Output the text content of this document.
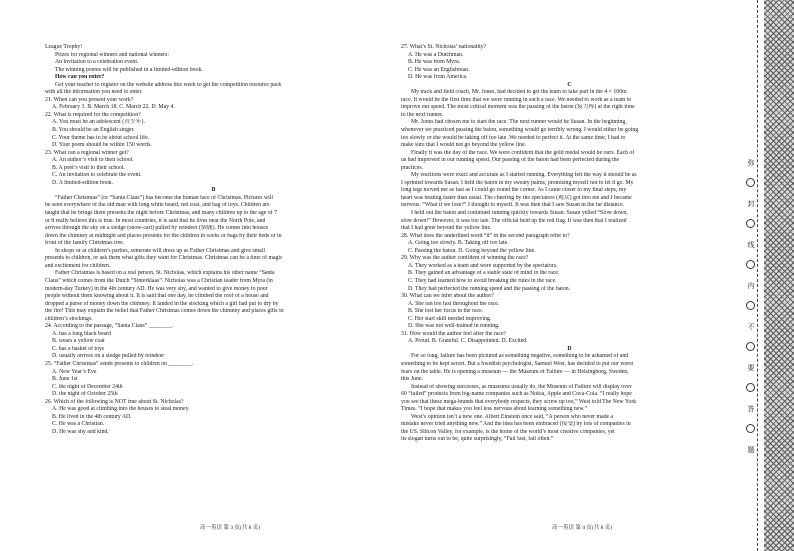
League Trophy!
Prizes for regional winners and national winners:
An invitation to a celebration event.
The winning poems will be published in a limited-edition book.
How can you enter?
Get your teacher to register on the website address this week to get the competition resource pack
with all the information you need to enter.
21. When can you present your work?
A. February 3. B. March 18. C. March 22. D. May 4.
22. What is required for the competition?
A. You must be an adolescent (青少年).
B. You should be an English singer.
C. Your theme has to be about school life.
D. Your poem should be within 150 words.
23. What can a regional winner get?
A. An author’s visit to their school.
B. A poet’s visit to their school.
C. An invitation to celebrate the event.
D. A limited-edition book.
B
“Father Christmas” (or “Santa Claus”) has become the human face of Christmas. Pictures will
be seen everywhere of the old man with long white beard, red coat, and bag of toys. Children are
taught that he brings them presents the night before Christmas, and many children up to the age of 7
or 8 really believe this is true. In most countries, it is said that he lives near the North Pole, and
arrives through the sky on a sledge (snow-cart) pulled by reindeer (驯鹿). He comes into houses
down the chimney at midnight and places presents for the children in socks or bags by their beds or in
front of the family Christmas tree.
In shops or at children’s parties, someone will dress up as Father Christmas and give small
presents to children, or ask them what gifts they want for Christmas. Christmas can be a time of magic
and excitement for children.
Father Christmas is based on a real person, St. Nicholas, which explains his other name “Santa
Claus” which comes from the Dutch “Sinterklaas”. Nicholas was a Christian leader from Myra (in
modern-day Turkey) in the 4th century AD. He was very shy, and wanted to give money to poor
people without them knowing about it. It is said that one day, he climbed the roof of a house and
dropped a purse of money down the chimney. It landed in the stocking which a girl had put to dry by
the fire! This may explain the belief that Father Christmas comes down the chimney and places gifts in
children’s stockings.
24. According to the passage, “Santa Claus” ________.
A. has a long black beard
B. wears a yellow coat
C. has a basket of toys
D. usually arrives on a sledge pulled by reindeer
25. “Father Christmas” sends presents to children on ________.
A. New Year’s Eve
B. June 1st
C. the night of December 24th
D. the night of October 25th
26. Which of the following is NOT true about St. Nicholas?
A. He was good at climbing into the houses to steal money.
B. He lived in the 4th century AD.
C. He was a Christian.
D. He was shy and kind.
27. What’s St. Nicholas’ nationality?
A. He was a Dutchman.
B. He was from Myra.
C. He was an Englishman.
D. He was from America.
C
My track and field coach, Mr. Jones, had decided to get the team to take part in the 4 × 100m
race. It would be the first time that we were running in such a race. We needed to work as a team to
improve our speed. The most critical moment was the passing of the baton (接力棒) at the right time
to the next runner.
Mr. Jones had chosen me to start the race. The next runner would be Susan. In the beginning,
whenever we practiced passing the baton, something would go terribly wrong. I would either be going
too slowly or she would be taking off too late. We needed to perfect it. At the same time, I had to
make sure that I would not go beyond the yellow line.
Finally it was the day of the race. We were confident that the gold medal would be ours. Each of
us had improved in our running speed. Our passing of the baton had been perfected during the
practices.
My reactions were exact and accurate as I started running. Everything felt the way it should be as
I sprinted towards Susan. I held the baton in my sweaty palms, promising myself not to let it go. My
long legs moved me as fast as I could go round the corner. As I came closer to my final steps, my
heart was beating faster than usual. The cheering by the spectators (观众) got into me and I became
nervous. “What if we lose?” I thought to myself. It was then that I saw Susan in the far distance.
I held out the baton and continued running quickly towards Susan. Susan yelled “Slow down,
slow down!” However, it was too late. The official held up the red flag. It was then that I realized
that I had gone beyond the yellow line.
28. What does the underlined word “it” in the second paragraph refer to?
A. Going too slowly. B. Taking off too late.
C. Passing the baton. D. Going beyond the yellow line.
29. Why was the author confident of winning the race?
A. They worked as a team and were supported by the spectators.
B. They gained an advantage of a stable state of mind in the race.
C. They had learned how to avoid breaking the rules in the race.
D. They had perfected the running speed and the passing of the baton.
30. What can we infer about the author?
A. She ran too fast throughout the race.
B. She lost her focus in the race.
C. Her start skill needed improving.
D. She was not well-trained in running.
31. How would the author feel after the race?
A. Proud. B. Grateful. C. Disappointed. D. Excited.
D
For so long, failure has been pictured as something negative, something to be ashamed of and
something to be kept secret. But a Swedish psychologist, Samuel West, has decided to put our worst
fears on the table. He is opening a museum — the Museum of Failure — in Helsingborg, Sweden,
this June.
Instead of showing successes, as museums usually do, the Museum of Failure will display over
60 “failed” products from big-name companies such as Nokia, Apple and Coca-Cola. “I really hope
you see that these mega-brands that everybody respects, they screw up too,” West told The New York
Times. “I hope that makes you feel less nervous about learning something new.”
West’s opinion isn’t a new one. Albert Einstein once said, “A person who never made a
mistake never tried anything new.” And the idea has been embraced (接受) by lots of companies in
the US. Silicon Valley, for example, is the home of the world’s most creative companies, yet
its slogan turns out to be, quite surprisingly, “Fail fast, fail often.”
高一英语 第 3 页(共 8 页)	高一英语 第 4 页(共 8 页)
弥
封
线
内
不
要
答
题
